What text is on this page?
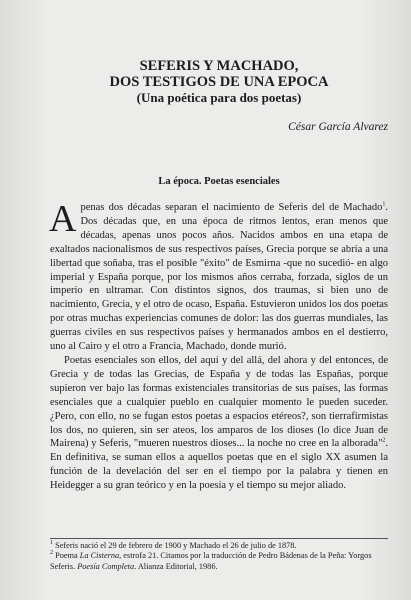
SEFERIS Y MACHADO,
DOS TESTIGOS DE UNA EPOCA
(Una poética para dos poetas)
César García Alvarez
La época. Poetas esenciales

Apenas dos décadas separan el nacimiento de Seferis del de Machado$^1$. Dos décadas que, en una época de ritmos lentos, eran menos que décadas, apenas unos pocos años. Nacidos ambos en una etapa de exaltados nacionalismos de sus respectivos países, Grecia porque se abría a una libertad que soñaba, tras el posible "éxito" de Esmirna -que no sucedió- en algo imperial y España porque, por los mismos años cerraba, forzada, siglos de un imperio en ultramar. Con distintos signos, dos traumas, si bien uno de nacimiento, Grecia, y el otro de ocaso, España. Estuvieron unidos los dos poetas por otras muchas experiencias comunes de dolor: las dos guerras mundiales, las guerras civiles en sus respectivos países y hermanados ambos en el destierro, uno al Cairo y el otro a Francia, Machado, donde murió.

Poetas esenciales son ellos, del aquí y del allá, del ahora y del entonces, de Grecia y de todas las Grecias, de España y de todas las Españas, porque supieron ver bajo las formas existenciales transitorias de sus países, las formas esenciales que a cualquier pueblo en cualquier momento le pueden suceder. ¿Pero, con ello, no se fugan estos poetas a espacios etéreos?, son tierrafirmistas los dos, no quieren, sin ser ateos, los amparos de los dioses (lo dice Juan de Mairena) y Seferis, "mueren nuestros dioses... la noche no cree en la alborada"$^2$. En definitiva, se suman ellos a aquellos poetas que en el siglo XX asumen la función de la develación del ser en el tiempo por la palabra y tienen en Heidegger a su gran teórico y en la poesía y el tiempo su mejor aliado.

$^1$ Seferis nació el 29 de febrero de 1900 y Machado el 26 de julio de 1878.
$^2$ Poema La Cisterna, estrofa 21. Citamos por la traducción de Pedro Bádenas de la Peña: Yorgos Seferis. Poesía Completa. Alianza Editorial, 1986.
